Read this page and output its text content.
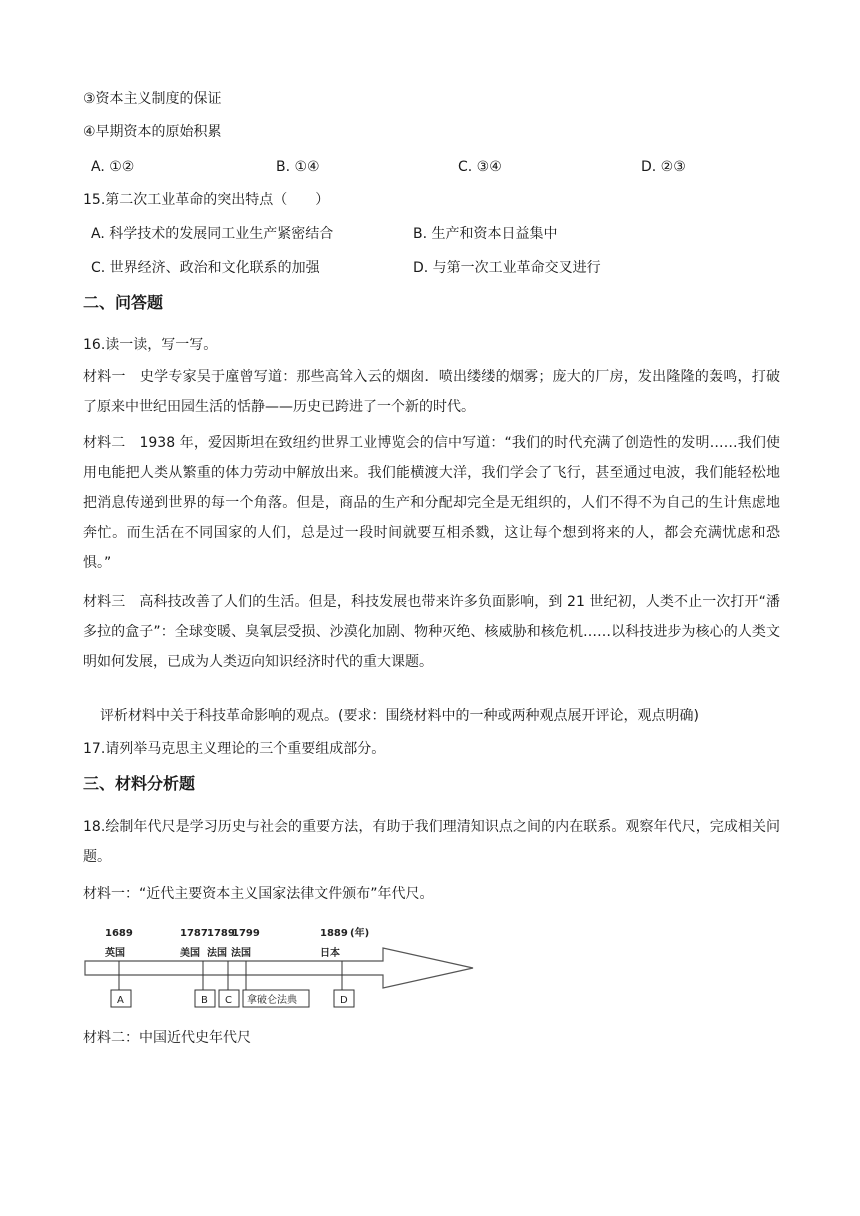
③资本主义制度的保证
④早期资本的原始积累
A. ①②	B. ①④	C. ③④	D. ②③
15.第二次工业革命的突出特点（　　）
A. 科学技术的发展同工业生产紧密结合	B. 生产和资本日益集中
C. 世界经济、政治和文化联系的加强	D. 与第一次工业革命交叉进行
二、问答题
16.读一读，写一写。
材料一　史学专家吴于廑曾写道：那些高耸入云的烟囱．喷出缕缕的烟雾；庞大的厂房，发出隆隆的轰鸣，打破了原来中世纪田园生活的恬静——历史已跨进了一个新的时代。
材料二　1938 年，爱因斯坦在致纽约世界工业博览会的信中写道：“我们的时代充满了创造性的发明……我们使用电能把人类从繁重的体力劳动中解放出来。我们能横渡大洋，我们学会了飞行，甚至通过电波，我们能轻松地把消息传递到世界的每一个角落。但是，商品的生产和分配却完全是无组织的，人们不得不为自己的生计焦虑地奔忙。而生活在不同国家的人们，总是过一段时间就要互相杀戮，这让每个想到将来的人，都会充满忧虑和恐惧。”
材料三　高科技改善了人们的生活。但是，科技发展也带来许多负面影响，到 21 世纪初，人类不止一次打开“潘多拉的盒子”：全球变暖、臭氧层受损、沙漠化加剧、物种灭绝、核威胁和核危机……以科技进步为核心的人类文明如何发展，已成为人类迈向知识经济时代的重大课题。
评析材料中关于科技革命影响的观点。(要求：围绕材料中的一种或两种观点展开评论，观点明确)
17.请列举马克思主义理论的三个重要组成部分。
三、材料分析题
18.绘制年代尺是学习历史与社会的重要方法，有助于我们理清知识点之间的内在联系。观察年代尺，完成相关问题。
材料一：“近代主要资本主义国家法律文件颁布”年代尺。
1689	1787 1789
1799	1889 (年)
英国	美国 法国 法国	日本
A	B C 拿破仑法典	D
材料二：中国近代史年代尺
